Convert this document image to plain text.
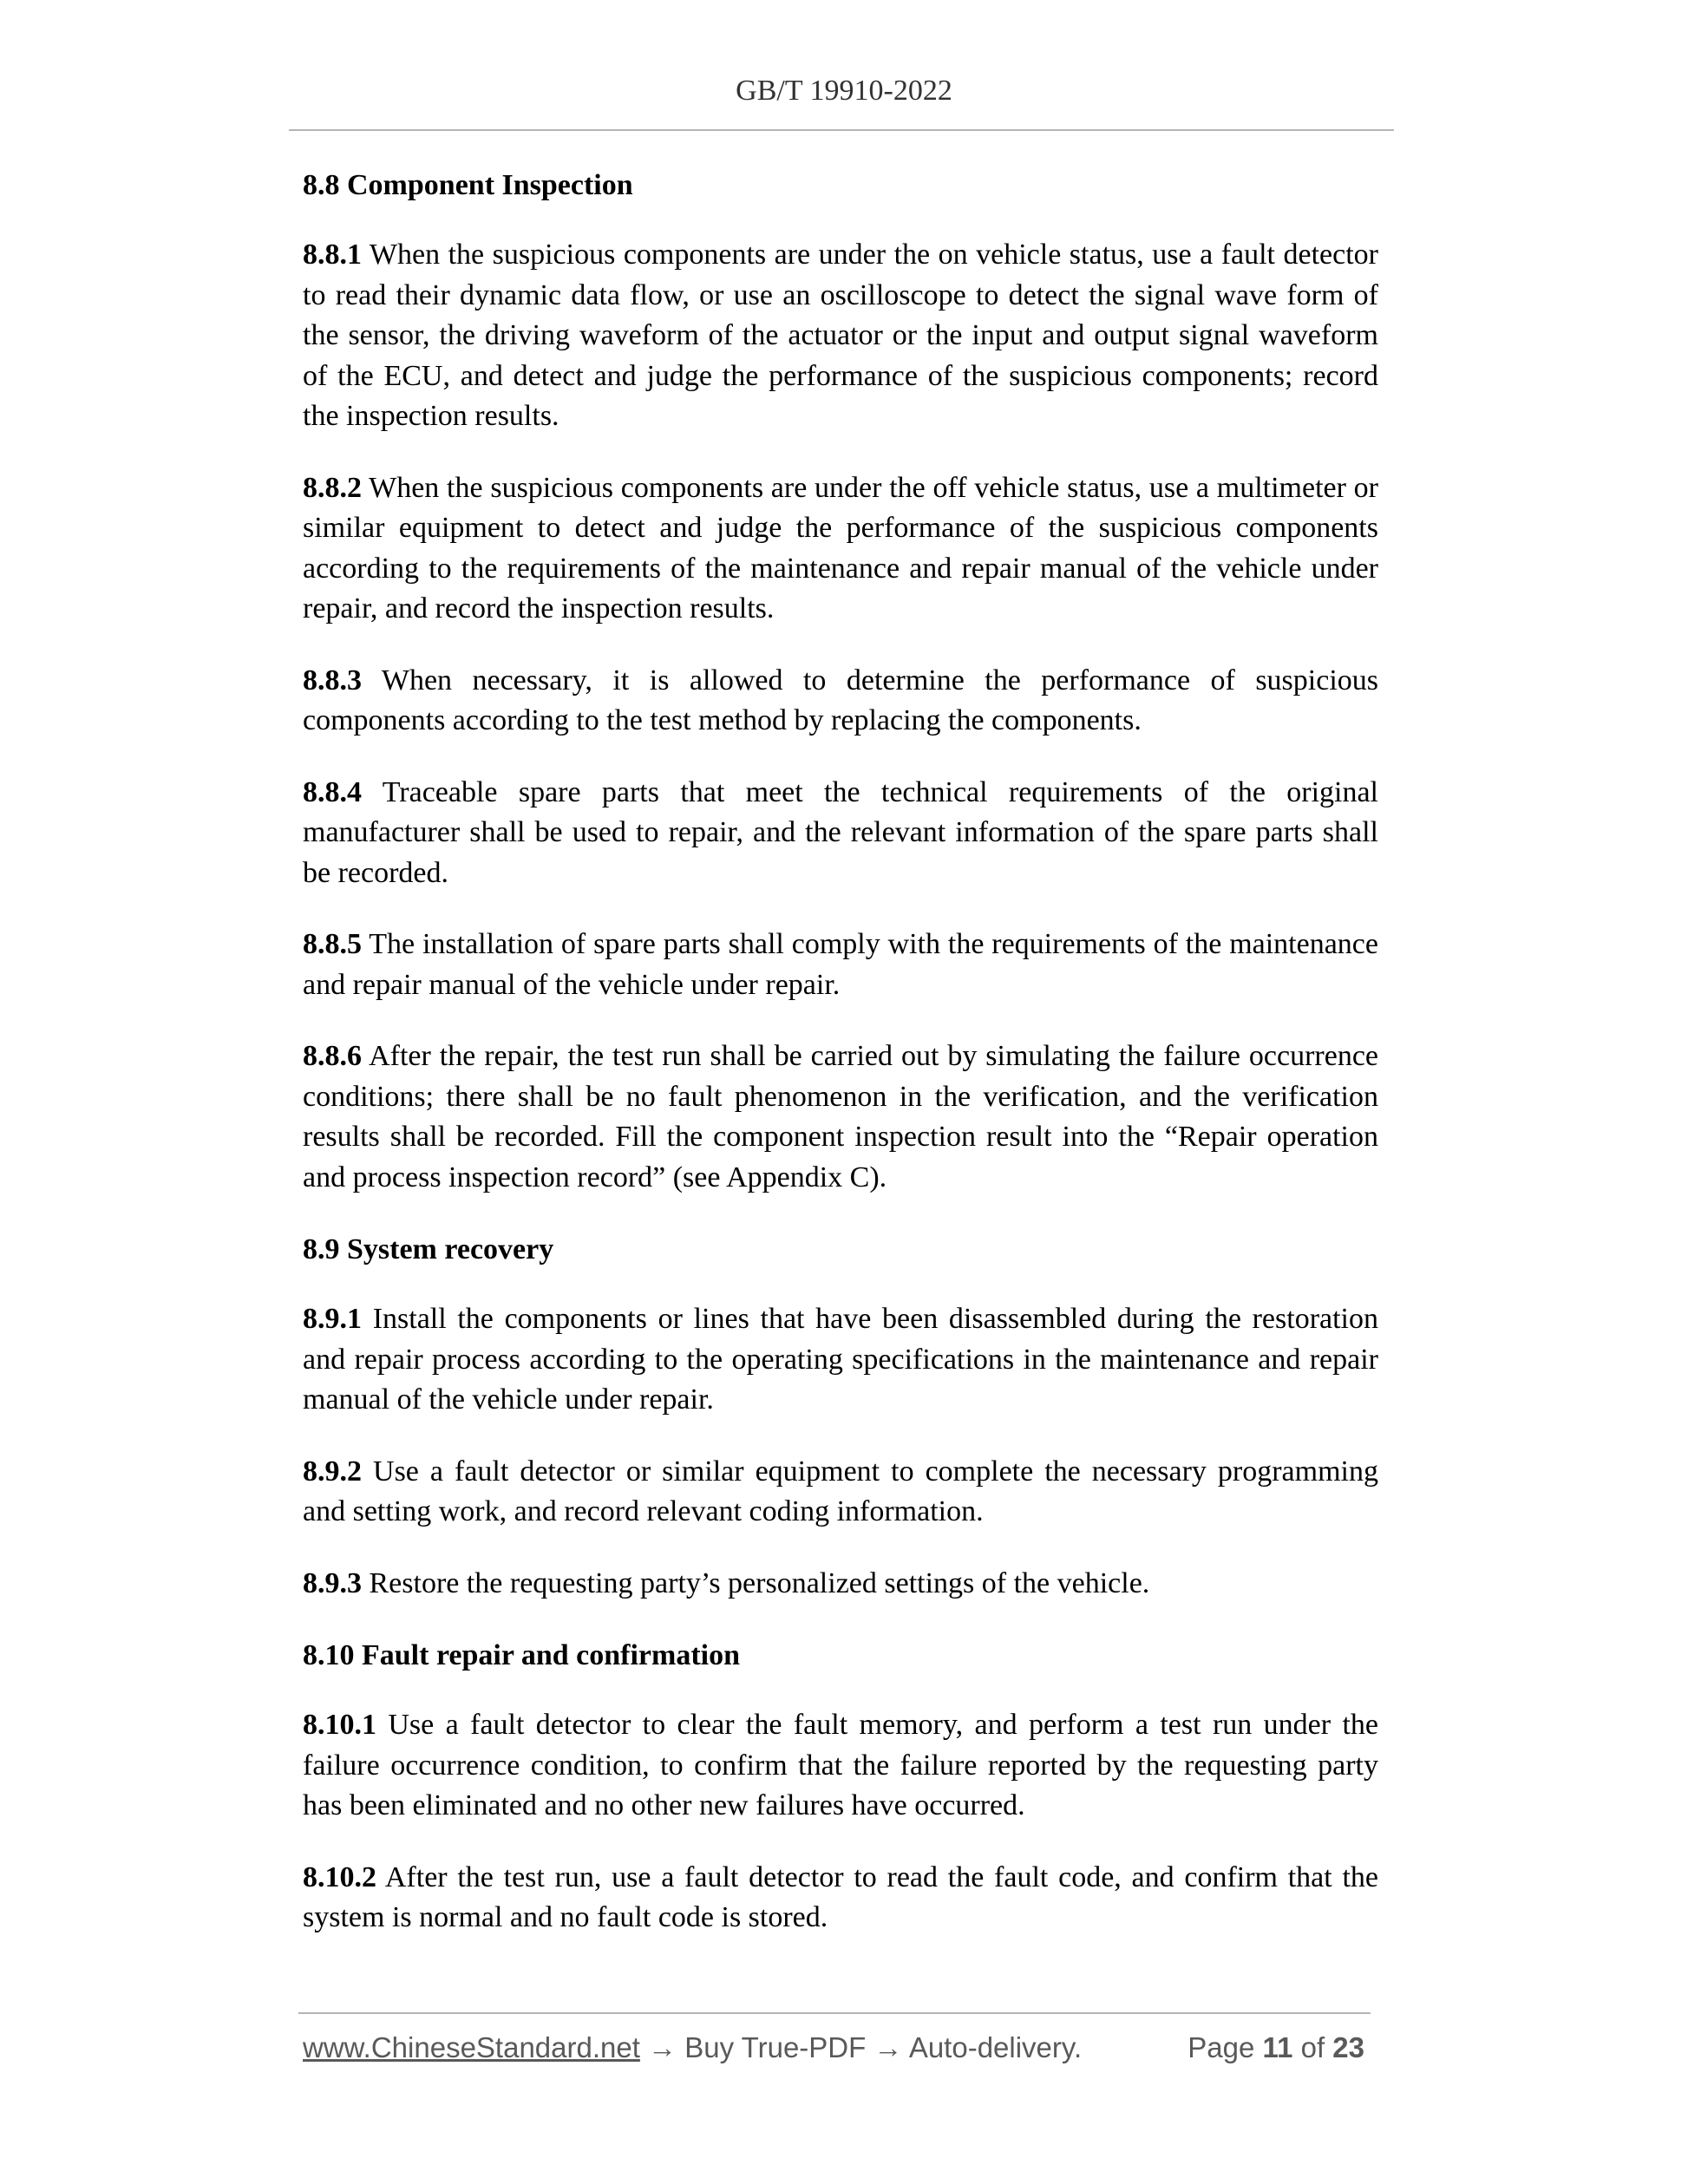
GB/T 19910-2022
8.8 Component Inspection

8.8.1 When the suspicious components are under the on vehicle status, use a fault detector to read their dynamic data flow, or use an oscilloscope to detect the signal wave form of the sensor, the driving waveform of the actuator or the input and output signal waveform of the ECU, and detect and judge the performance of the suspicious components; record the inspection results.

8.8.2 When the suspicious components are under the off vehicle status, use a multimeter or similar equipment to detect and judge the performance of the suspicious components according to the requirements of the maintenance and repair manual of the vehicle under repair, and record the inspection results.

8.8.3 When necessary, it is allowed to determine the performance of suspicious components according to the test method by replacing the components.

8.8.4 Traceable spare parts that meet the technical requirements of the original manufacturer shall be used to repair, and the relevant information of the spare parts shall be recorded.

8.8.5 The installation of spare parts shall comply with the requirements of the maintenance and repair manual of the vehicle under repair.

8.8.6 After the repair, the test run shall be carried out by simulating the failure occurrence conditions; there shall be no fault phenomenon in the verification, and the verification results shall be recorded. Fill the component inspection result into the “Repair operation and process inspection record” (see Appendix C).

8.9 System recovery

8.9.1 Install the components or lines that have been disassembled during the restoration and repair process according to the operating specifications in the maintenance and repair manual of the vehicle under repair.

8.9.2 Use a fault detector or similar equipment to complete the necessary programming and setting work, and record relevant coding information.

8.9.3 Restore the requesting party’s personalized settings of the vehicle.

8.10 Fault repair and confirmation

8.10.1 Use a fault detector to clear the fault memory, and perform a test run under the failure occurrence condition, to confirm that the failure reported by the requesting party has been eliminated and no other new failures have occurred.

8.10.2 After the test run, use a fault detector to read the fault code, and confirm that the system is normal and no fault code is stored.

www.ChineseStandard.net → Buy True-PDF → Auto-delivery.	Page 11 of 23
